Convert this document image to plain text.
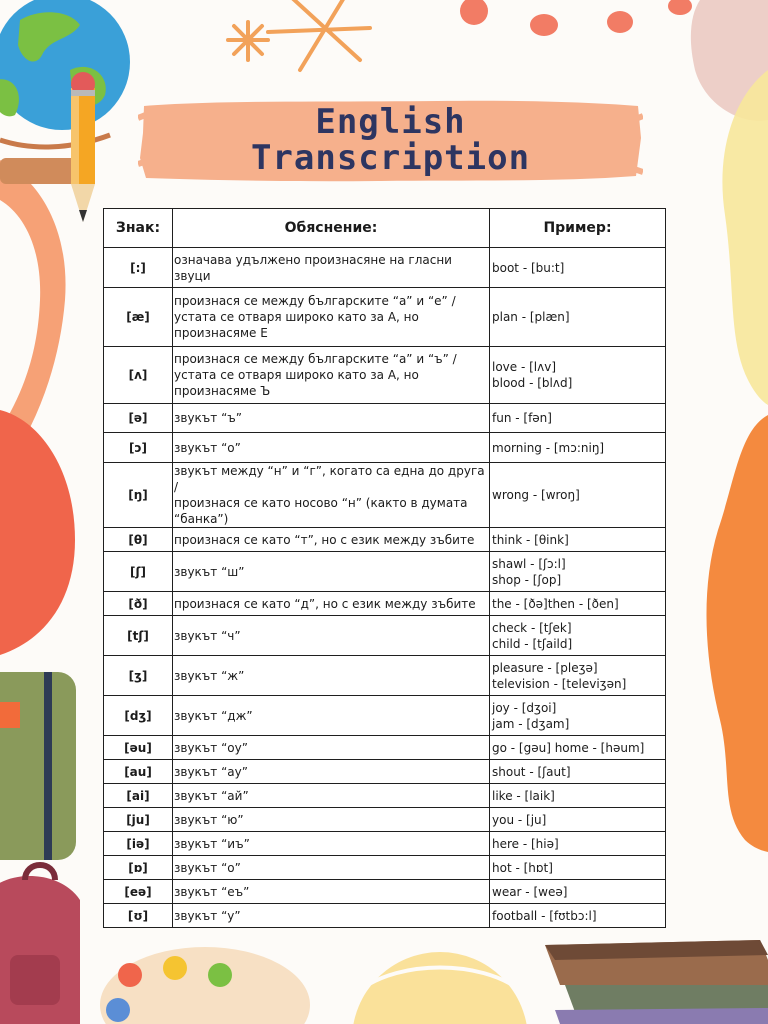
English
Transcription
Знак:	Обяснение:	Пример:
[:]	означава удължено произнасяне на гласни
звуци	boot - [bu:t]

[æ]	произнася се между българските “а” и “е” /
устата се отваря широко като за А, но
произнасяме Е	plan - [plæn]

[ʌ]	произнася се между българските “а” и “ъ” /
устата се отваря широко като за А, но
произнасяме Ъ	love - [lʌv]
blood - [blʌd]

[ə]	звукът “ъ”	fun - [fən]

[ɔ]	звукът “о”	morning - [mɔ:niŋ]

[ŋ]	звукът между “н” и “г”, когато са една до друга /
произнася се като носово “н” (както в думата
“банка”)	wrong - [wroŋ]

[θ]	произнася се като “т”, но с език между зъбите	think - [θink]

[ʃ]	звукът “ш”	shawl - [ʃɔ:l]
shop - [ʃop]

[ð]	произнася се като “д”, но с език между зъбите	the - [ðə]then - [ðen]

[tʃ]	звукът “ч”	check - [tʃek]
child - [tʃaild]

[ʒ]	звукът “ж”	pleasure - [pleʒə]
television - [televiʒən]

[dʒ]	звукът “дж”	joy - [dʒoi]
jam - [dʒam]

[əu]	звукът “оу”	go - [gəu] home - [həum]

[au]	звукът “ау”	shout - [ʃaut]

[ai]	звукът “ай”	like - [laik]

[ju]	звукът “ю”	you - [ju]

[iə]	звукът “иъ”	here - [hiə]

[ɒ]	звукът “о”	hot - [hɒt]

[eə]	звукът “еъ”	wear - [weə]

[ʊ]	звукът “у”	football - [fʊtbɔ:l]
